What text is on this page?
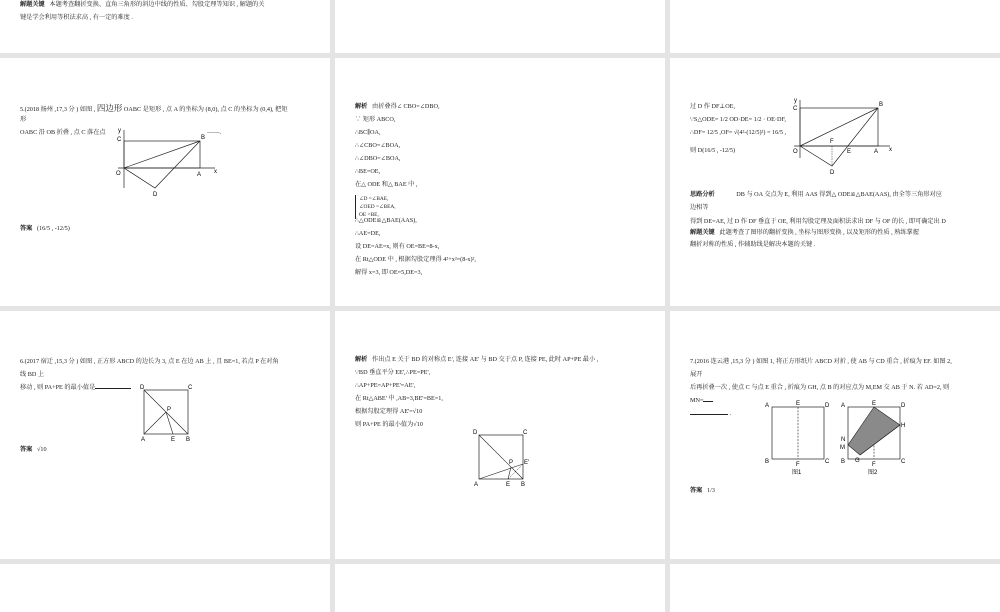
解题关键 本题考查翻折变换、直角三角形的斜边中线的性质、勾股定理等知识 , 解题的关
键是学会利用等积法求高 , 有一定的难度 .
5.(2018 扬州 ,17,3 分 ) 如图 , 四边形 OABC 是矩形 , 点 A 的坐标为 (8,0), 点 C 的坐标为 (0,4), 把矩
形
OABC 沿 OB 折叠 , 点 C 落在点	——.
y
C	B
O	A x
D
答案 (16/5 , -12/5)
解析 由折叠得∠ CBO=∠DBO,
∵ 矩形 ABCO,
∴BC∥OA,
∴∠CBO=∠BOA,
∴∠DBO=∠BOA,
∴BE=OE,
在△ ODE 和△ BAE 中 ,
∠D =∠BAE,
∠OED =∠BEA,
OE =BE,
∴△ODE≌△BAE(AAS),
∴AE=DE,
设 DE=AE=x, 则有 OE=BE=8-x,
在 Rt△ODE 中 , 根据勾股定理得 4²+x²=(8-x)²,
解得 x=3, 即 OE=5,DE=3,
过 D 作 DF⊥OE,
∵S△ODE= 1/2 OD·DE= 1/2 · OE·DF,
∴DF= 12/5 ,OF= √(4²-(12/5)²) = 16/5 ,
则 D(16/5 , -12/5)
y
C
B
O
F
E	A x
D
思路分析	DB 与 OA 交点为 E, 利用 AAS 得到△ ODE≌△BAE(AAS), 由全等三角形对应
边相等
得到 DE=AE, 过 D 作 DF 垂直于 OE, 利用勾股定理及面积法求出 DF 与 OF 的长 , 即可确定出 D
解题关键 此题考查了图形的翻折变换 , 坐标与图形变换 , 以及矩形的性质 , 熟练掌握
翻折对称的性质 , 作辅助线是解决本题的关键 .
6.(2017 宿迁 ,15,3 分 ) 如图 , 正方形 ABCD 的边长为 3, 点 E 在边 AB 上 , 且 BE=1, 若点 P 在对角
线 BD 上
移动 , 则 PA+PE 的最小值是	D	C
P
A	E B
答案 √10
解析 作出点 E 关于 BD 的对称点 E', 连接 AE' 与 BD 交于点 P, 连接 PE, 此时 AP+PE 最小 ,
∵BD 垂直平分 EE',∴PE=PE',
∴AP+PE=AP+PE'=AE',
在 Rt△ABE' 中 ,AB=3,BE'=BE=1,
根据勾股定理得 AE'=√10
则 PA+PE 的最小值为√10
D	C
P E'
A	E B
7.(2016 连云港 ,15,3 分 ) 如图 1, 将正方形纸片 ABCD 对折 , 使 AB 与 CD 重合 , 折痕为 EF. 如图 2,
展开
后再折叠一次 , 使点 C 与点 E 重合 , 折痕为 GH, 点 B 的对应点为 M,EM 交 AB 于 N. 若 AD=2, 则
MN=
.
A	E	D
B	F	C
图1
A	E	D
H
N
M
B G
F	C
图2
答案 1/3
